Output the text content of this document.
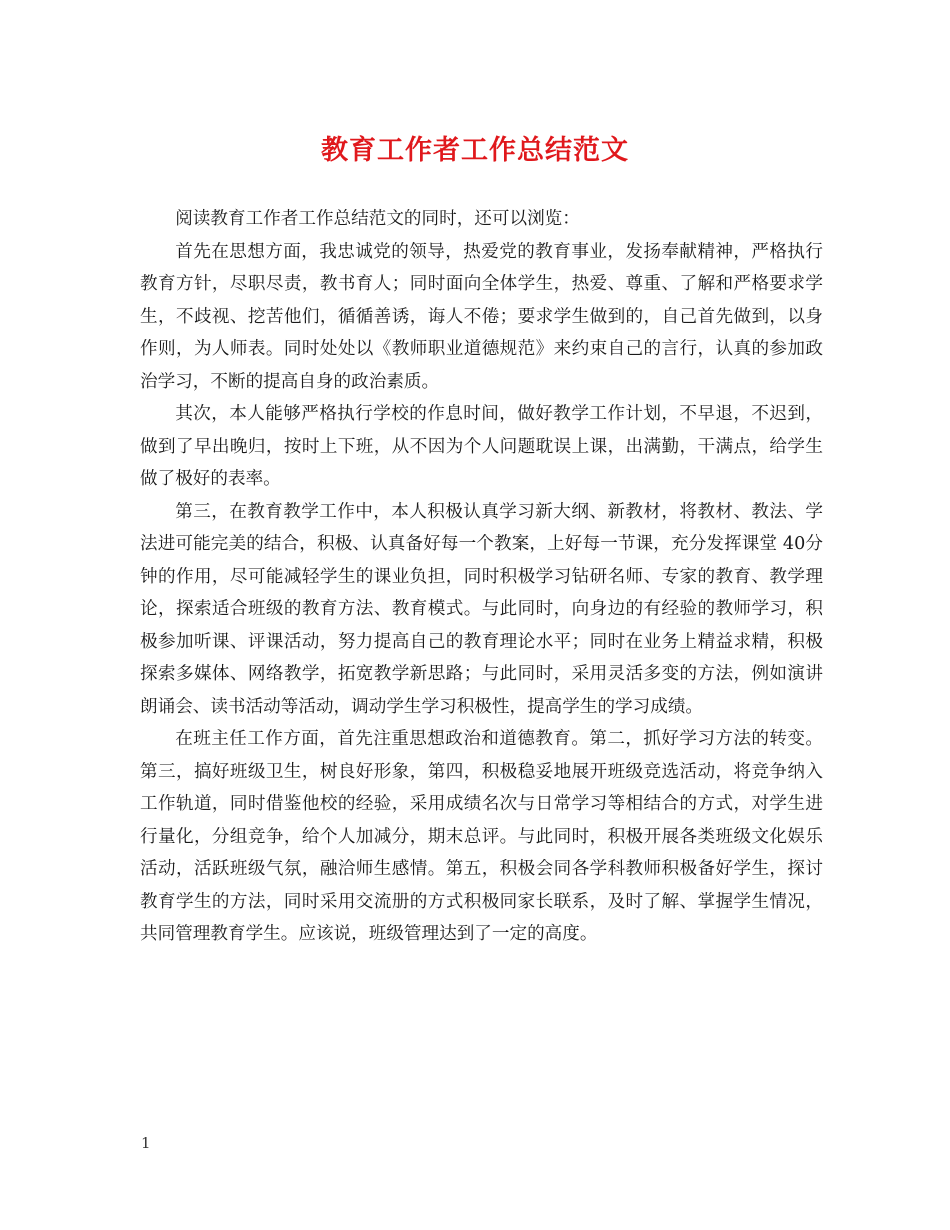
教育工作者工作总结范文

阅读教育工作者工作总结范文的同时，还可以浏览：

首先在思想方面，我忠诚党的领导，热爱党的教育事业，发扬奉献精神，严格执行教育方针，尽职尽责，教书育人；同时面向全体学生，热爱、尊重、了解和严格要求学生，不歧视、挖苦他们，循循善诱，诲人不倦；要求学生做到的，自己首先做到，以身作则，为人师表。同时处处以《教师职业道德规范》来约束自己的言行，认真的参加政治学习，不断的提高自身的政治素质。

其次，本人能够严格执行学校的作息时间，做好教学工作计划，不早退，不迟到，做到了早出晚归，按时上下班，从不因为个人问题耽误上课，出满勤，干满点，给学生做了极好的表率。

第三，在教育教学工作中，本人积极认真学习新大纲、新教材，将教材、教法、学法进可能完美的结合，积极、认真备好每一个教案，上好每一节课，充分发挥课堂 40分钟的作用，尽可能减轻学生的课业负担，同时积极学习钻研名师、专家的教育、教学理论，探索适合班级的教育方法、教育模式。与此同时，向身边的有经验的教师学习，积极参加听课、评课活动，努力提高自己的教育理论水平；同时在业务上精益求精，积极探索多媒体、网络教学，拓宽教学新思路；与此同时，采用灵活多变的方法，例如演讲朗诵会、读书活动等活动，调动学生学习积极性，提高学生的学习成绩。

在班主任工作方面，首先注重思想政治和道德教育。第二，抓好学习方法的转变。第三，搞好班级卫生，树良好形象，第四，积极稳妥地展开班级竞选活动，将竞争纳入工作轨道，同时借鉴他校的经验，采用成绩名次与日常学习等相结合的方式，对学生进行量化，分组竞争，给个人加减分，期末总评。与此同时，积极开展各类班级文化娱乐活动，活跃班级气氛，融洽师生感情。第五，积极会同各学科教师积极备好学生，探讨教育学生的方法，同时采用交流册的方式积极同家长联系，及时了解、掌握学生情况，共同管理教育学生。应该说，班级管理达到了一定的高度。

1
